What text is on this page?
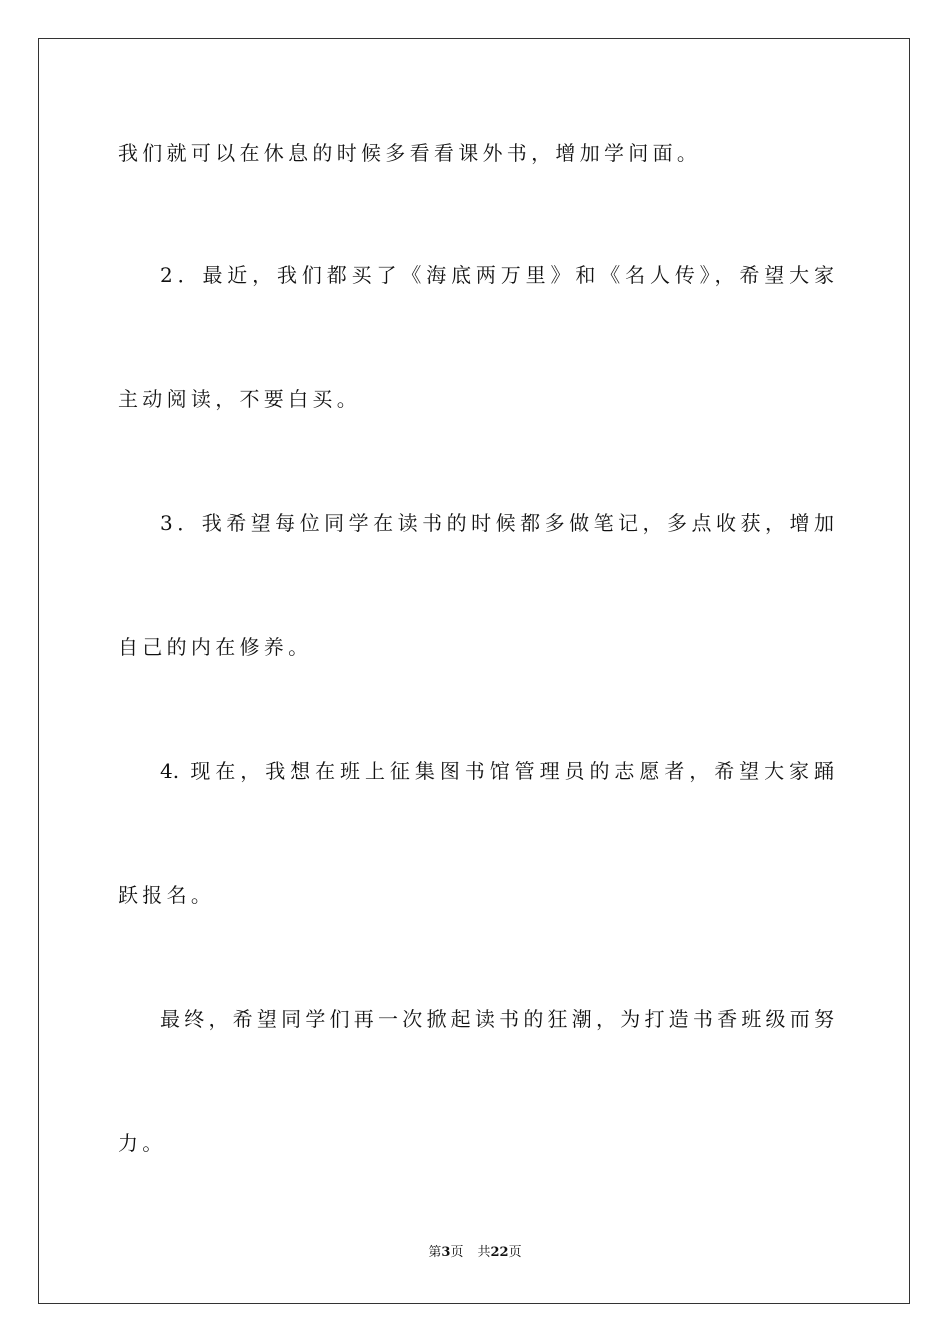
我们就可以在休息的时候多看看课外书，增加学问面。
2．最近，我们都买了《海底两万里》和《名人传》，希望大家
主动阅读，不要白买。
3．我希望每位同学在读书的时候都多做笔记，多点收获，增加
自己的内在修养。
4. 现在，我想在班上征集图书馆管理员的志愿者，希望大家踊
跃报名。
最终，希望同学们再一次掀起读书的狂潮，为打造书香班级而努
力。
第3页 共22页
